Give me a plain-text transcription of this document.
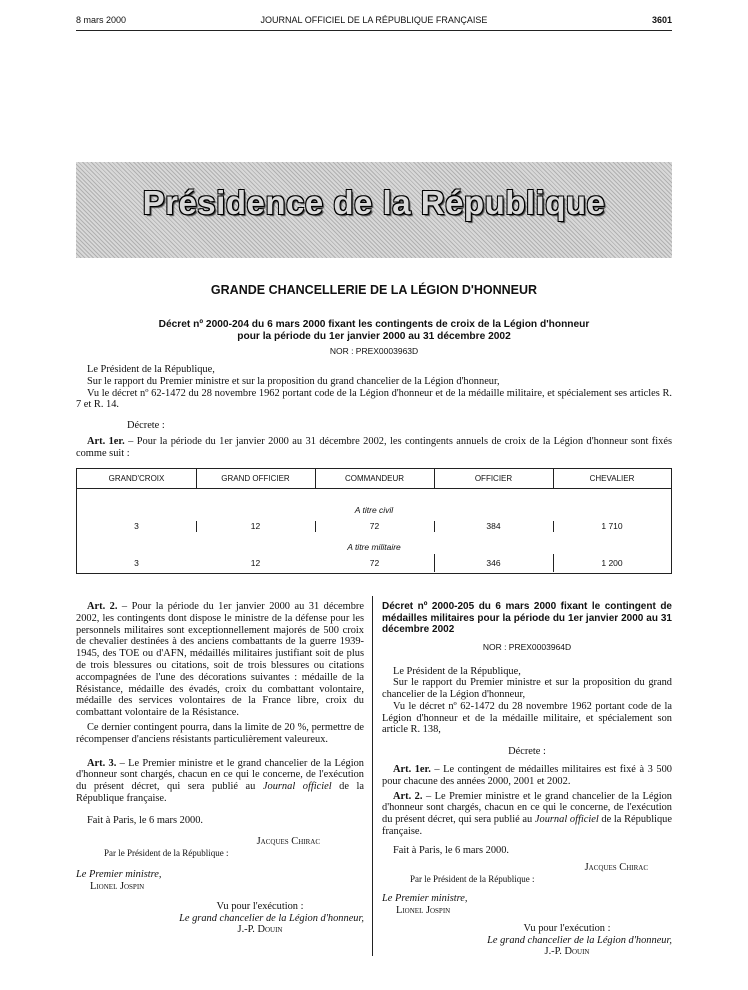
8 mars 2000	JOURNAL OFFICIEL DE LA RÉPUBLIQUE FRANÇAISE	3601
Présidence de la République
GRANDE CHANCELLERIE DE LA LÉGION D'HONNEUR
Décret nº 2000-204 du 6 mars 2000 fixant les contingents de croix de la Légion d'honneur
pour la période du 1er janvier 2000 au 31 décembre 2002
NOR : PREX0003963D
Le Président de la République,
Sur le rapport du Premier ministre et sur la proposition du grand chancelier de la Légion d'honneur,
Vu le décret nº 62-1472 du 28 novembre 1962 portant code de la Légion d'honneur et de la médaille militaire, et spécialement ses articles R. 7 et R. 14.
Décrete :
Art. 1er. – Pour la période du 1er janvier 2000 au 31 décembre 2002, les contingents annuels de croix de la Légion d'honneur sont fixés comme suit :
GRAND'CROIX	GRAND OFFICIER	COMMANDEUR	OFFICIER	CHEVALIER
A titre civil
3	12	72	384	1 710
A titre militaire
3	12	72	346	1 200
Art. 2. – Pour la période du 1er janvier 2000 au 31 décembre 2002, les contingents dont dispose le ministre de la défense pour les personnels militaires sont exceptionnellement majorés de 500 croix de chevalier destinées à des anciens combattants de la guerre 1939-1945, des TOE ou d'AFN, médaillés militaires justifiant soit de plus de trois blessures ou citations, soit de trois blessures ou citations accompagnées de l'une des décorations suivantes : médaille de la Résistance, médaille des évadés, croix du combattant volontaire, médaille des services volontaires de la France libre, croix du combattant volontaire de la Résistance.
Ce dernier contingent pourra, dans la limite de 20 %, permettre de récompenser d'anciens résistants particulièrement valeureux.
Art. 3. – Le Premier ministre et le grand chancelier de la Légion d'honneur sont chargés, chacun en ce qui le concerne, de l'exécution du présent décret, qui sera publié au Journal officiel de la République française.
Fait à Paris, le 6 mars 2000.
Jacques Chirac
Par le Président de la République :
Le Premier ministre,
Lionel Jospin
Vu pour l'exécution :
Le grand chancelier de la Légion d'honneur,
J.-P. Douin
Décret nº 2000-205 du 6 mars 2000 fixant le contingent de médailles militaires pour la période du 1er janvier 2000 au 31 décembre 2002
NOR : PREX0003964D
Le Président de la République,
Sur le rapport du Premier ministre et sur la proposition du grand chancelier de la Légion d'honneur,
Vu le décret nº 62-1472 du 28 novembre 1962 portant code de la Légion d'honneur et de la médaille militaire, et spécialement son article R. 138,
Décrete :
Art. 1er. – Le contingent de médailles militaires est fixé à 3 500 pour chacune des années 2000, 2001 et 2002.
Art. 2. – Le Premier ministre et le grand chancelier de la Légion d'honneur sont chargés, chacun en ce qui le concerne, de l'exécution du présent décret, qui sera publié au Journal officiel de la République française.
Fait à Paris, le 6 mars 2000.
Jacques Chirac
Par le Président de la République :
Le Premier ministre,
Lionel Jospin
Vu pour l'exécution :
Le grand chancelier de la Légion d'honneur,
J.-P. Douin
